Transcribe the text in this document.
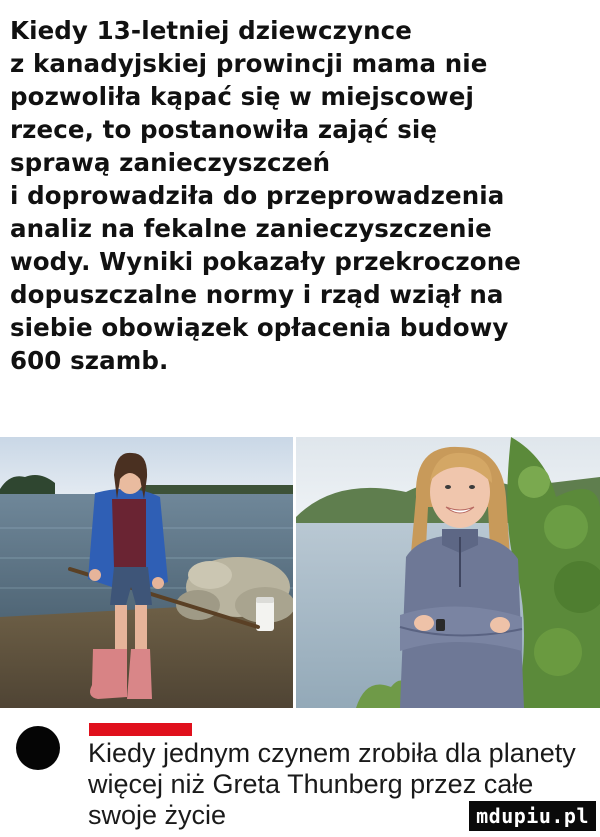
Kiedy 13-letniej dziewczynce
z kanadyjskiej prowincji mama nie
pozwoliła kąpać się w miejscowej
rzece, to postanowiła zająć się
sprawą zanieczyszczeń
i doprowadziła do przeprowadzenia
analiz na fekalne zanieczyszczenie
wody. Wyniki pokazały przekroczone
dopuszczalne normy i rząd wziął na
siebie obowiązek opłacenia budowy
600 szamb.

Kiedy jednym czynem zrobiła dla planety
więcej niż Greta Thunberg przez całe
swoje życie	mdupiu.pl
